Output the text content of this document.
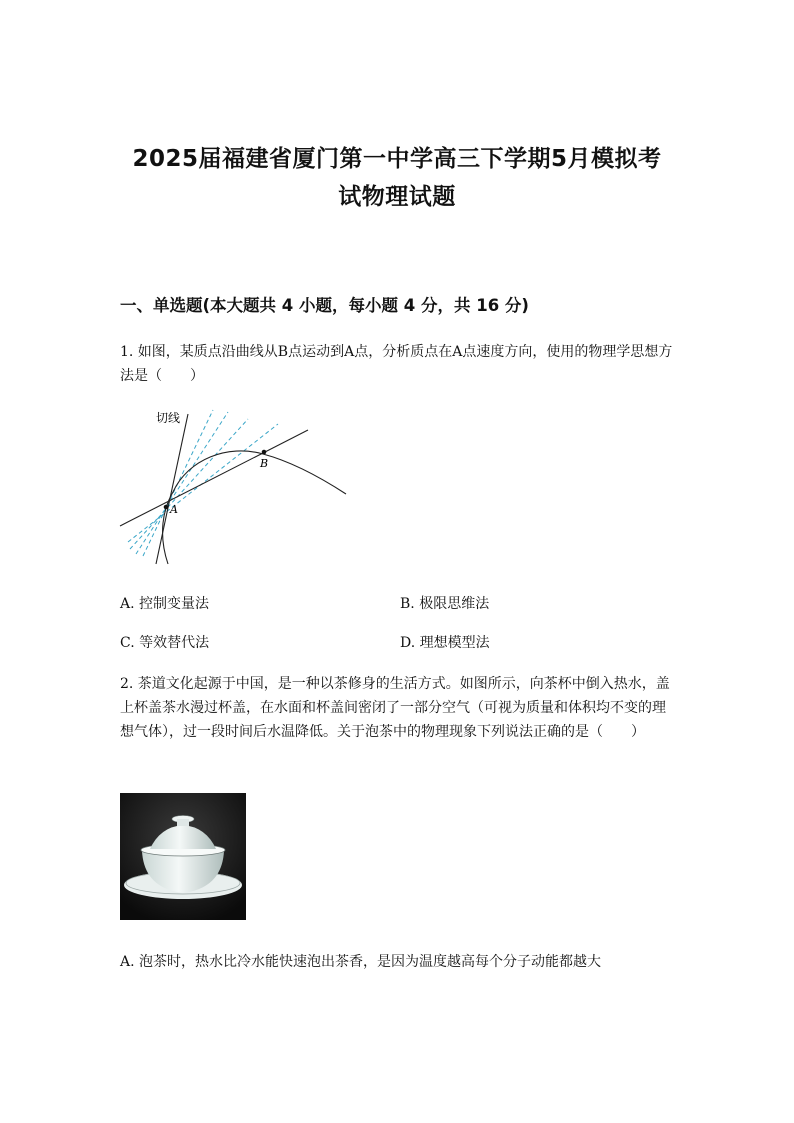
2025届福建省厦门第一中学高三下学期5月模拟考
试物理试题
一、单选题(本大题共 4 小题，每小题 4 分，共 16 分)
1. 如图，某质点沿曲线从B点运动到A点，分析质点在A点速度方向，使用的物理学思想方法是（　　）
切线
A
B
A. 控制变量法	B. 极限思维法
C. 等效替代法	D. 理想模型法
2. 茶道文化起源于中国，是一种以茶修身的生活方式。如图所示，向茶杯中倒入热水，盖上杯盖茶水漫过杯盖，在水面和杯盖间密闭了一部分空气（可视为质量和体积均不变的理想气体），过一段时间后水温降低。关于泡茶中的物理现象下列说法正确的是（　　）
A. 泡茶时，热水比冷水能快速泡出茶香，是因为温度越高每个分子动能都越大
